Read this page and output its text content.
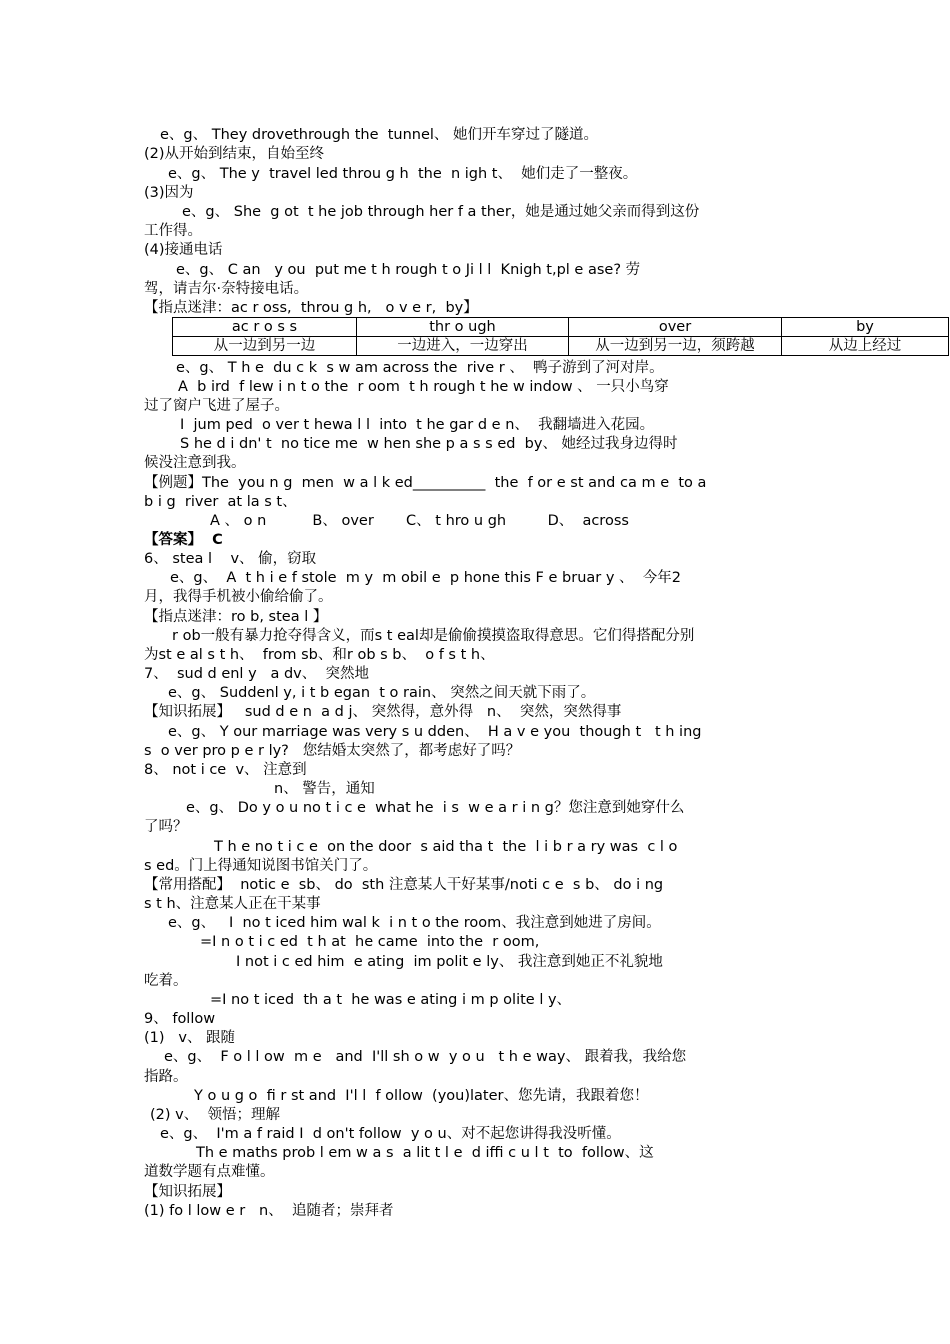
e、g、 They drovethrough the  tunnel、 她们开车穿过了隧道。
(2)从开始到结束，自始至终
e、g、 The y  travel led throu g h  the  n igh t、  她们走了一整夜。
(3)因为
e、g、 She  g ot  t he job through her f a ther，她是通过她父亲而得到这份
工作得。
(4)接通电话
e、g、 C an   y ou  put me t h rough t o Ji l l  Knigh t,pl e ase? 劳
驾，请吉尔·奈特接电话。
【指点迷津：ac r oss,  throu g h,   o v e r,  by】
e、g、 T h e  du c k  s w am across the  rive r 、  鸭子游到了河对岸。
A  b ird  f lew i n t o the  r oom  t h rough t he w indow 、 一只小鸟穿
过了窗户飞进了屋子。
I  jum ped  o ver t hewa l l  into  t he gar d e n、  我翻墙进入花园。
S he d i dn' t  no tice me  w hen she p a s s ed  by、 她经过我身边得时
候没注意到我。
【例题】The  you n g  men  w a l k ed__________  the  f or e st and ca m e  to a
b i g  river  at la s t、
A 、 o n          B、 over       C、 t hro u gh         D、  across
【答案】  C
6、 stea l    v、 偷，窃取
e、g、  A  t h i e f stole  m y  m obil e  p hone this F e bruar y 、  今年2
月，我得手机被小偷给偷了。
【指点迷津：ro b, stea l 】
r ob一般有暴力抢夺得含义，而s t eal却是偷偷摸摸盗取得意思。它们得搭配分别
为st e al s t h、  from sb、和r ob s b、  o f s t h、
7、  sud d enl y   a dv、  突然地
e、g、 Suddenl y, i t b egan  t o rain、 突然之间天就下雨了。
【知识拓展】   sud d e n  a d j、 突然得，意外得   n、  突然，突然得事
e、g、 Y our marriage was very s u dden、  H a v e you  though t   t h ing
s  o ver pro p e r ly?   您结婚太突然了，都考虑好了吗？
8、 not i ce  v、 注意到
n、 警告，通知
e、g、 Do y o u no t i c e  what he  i s  w e a r i n g？您注意到她穿什么
了吗？
T h e no t i c e  on the door  s aid tha t  the  l i b r a ry was  c l o
s ed。门上得通知说图书馆关门了。
【常用搭配】  notic e  sb、 do  sth 注意某人干好某事/noti c e  s b、 do i ng
s t h、注意某人正在干某事
e、g、   I  no t iced him wal k  i n t o the room、我注意到她进了房间。
=I n o t i c ed  t h at  he came  into the  r oom,
I not i c ed him  e ating  im polit e ly、 我注意到她正不礼貌地
吃着。
=I no t iced  th a t  he was e ating i m p olite l y、
9、 follow
(1)   v、 跟随
e、g、  F o l l ow  m e   and  I'll sh o w  y o u   t h e way、 跟着我，我给您
指路。
Y o u g o  fi r st and  I'l l  f ollow  (you)later、您先请，我跟着您！
(2) v、  领悟；理解
e、g、  I'm a f raid I  d on't follow  y o u、对不起您讲得我没听懂。
Th e maths prob l em w a s  a lit t l e  d iffi c u l t  to  follow、这
道数学题有点难懂。
【知识拓展】
(1) fo l low e r   n、  追随者；崇拜者
ac r o s s	thr o ugh	over	by
从一边到另一边	一边进入，一边穿出	从一边到另一边，须跨越	从边上经过
